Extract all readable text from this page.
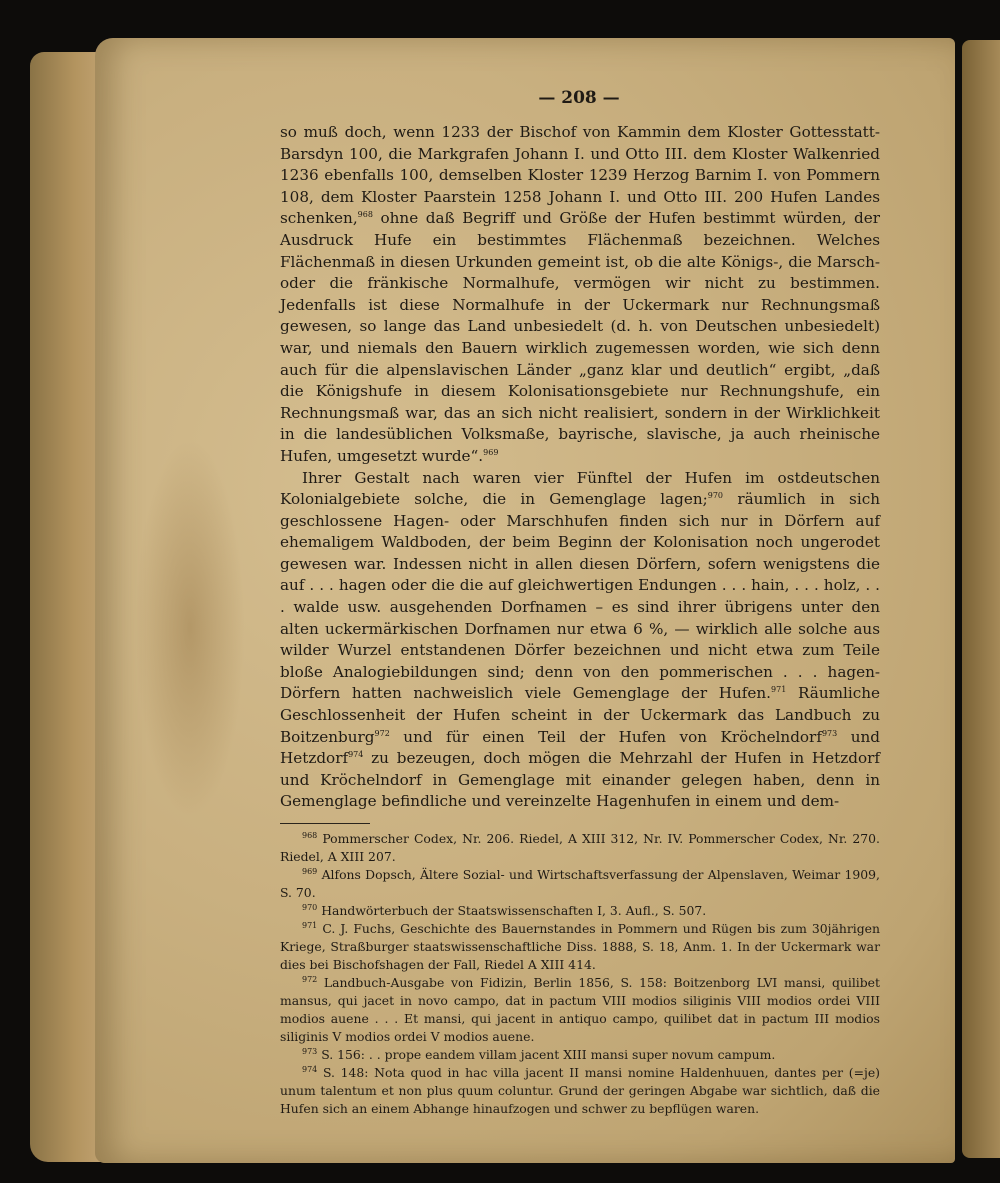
— 208 —

so muß doch, wenn 1233 der Bischof von Kammin dem Kloster Gottesstatt-Barsdyn 100, die Markgrafen Johann I. und Otto III. dem Kloster Walkenried 1236 ebenfalls 100, demselben Kloster 1239 Herzog Barnim I. von Pommern 108, dem Kloster Paarstein 1258 Johann I. und Otto III. 200 Hufen Landes schenken,$^{968}$ ohne daß Begriff und Größe der Hufen bestimmt würden, der Ausdruck Hufe ein bestimmtes Flächenmaß bezeichnen. Welches Flächenmaß in diesen Urkunden gemeint ist, ob die alte Königs-, die Marsch- oder die fränkische Normalhufe, vermögen wir nicht zu bestimmen. Jedenfalls ist diese Normalhufe in der Uckermark nur Rechnungsmaß gewesen, so lange das Land unbesiedelt (d. h. von Deutschen unbesiedelt) war, und niemals den Bauern wirklich zugemessen worden, wie sich denn auch für die alpenslavischen Länder „ganz klar und deutlich“ ergibt, „daß die Königshufe in diesem Kolonisationsgebiete nur Rechnungshufe, ein Rechnungsmaß war, das an sich nicht realisiert, sondern in der Wirklichkeit in die landesüblichen Volksmaße, bayrische, slavische, ja auch rheinische Hufen, umgesetzt wurde“.$^{969}$

Ihrer Gestalt nach waren vier Fünftel der Hufen im ostdeutschen Kolonialgebiete solche, die in Gemenglage lagen;$^{970}$ räumlich in sich geschlossene Hagen- oder Marschhufen finden sich nur in Dörfern auf ehemaligem Waldboden, der beim Beginn der Kolonisation noch ungerodet gewesen war. Indessen nicht in allen diesen Dörfern, sofern wenigstens die auf . . . hagen oder die die auf gleichwertigen Endungen . . . hain, . . . holz, . . . walde usw. ausgehenden Dorfnamen – es sind ihrer übrigens unter den alten uckermärkischen Dorfnamen nur etwa 6 %, — wirklich alle solche aus wilder Wurzel entstandenen Dörfer bezeichnen und nicht etwa zum Teile bloße Analogiebildungen sind; denn von den pommerischen . . . hagen-Dörfern hatten nachweislich viele Gemenglage der Hufen.$^{971}$ Räumliche Geschlossenheit der Hufen scheint in der Uckermark das Landbuch zu Boitzenburg$^{972}$ und für einen Teil der Hufen von Kröchelndorf$^{973}$ und Hetzdorf$^{974}$ zu bezeugen, doch mögen die Mehrzahl der Hufen in Hetzdorf und Kröchelndorf in Gemenglage mit einander gelegen haben, denn in Gemenglage befindliche und vereinzelte Hagenhufen in einem und dem-

$^{968}$ Pommerscher Codex, Nr. 206. Riedel, A XIII 312, Nr. IV. Pommerscher Codex, Nr. 270. Riedel, A XIII 207.

$^{969}$ Alfons Dopsch, Ältere Sozial- und Wirtschaftsverfassung der Alpenslaven, Weimar 1909, S. 70.

$^{970}$ Handwörterbuch der Staatswissenschaften I, 3. Aufl., S. 507.

$^{971}$ C. J. Fuchs, Geschichte des Bauernstandes in Pommern und Rügen bis zum 30jährigen Kriege, Straßburger staatswissenschaftliche Diss. 1888, S. 18, Anm. 1. In der Uckermark war dies bei Bischofshagen der Fall, Riedel A XIII 414.

$^{972}$ Landbuch-Ausgabe von Fidizin, Berlin 1856, S. 158: Boitzenborg LVI mansi, quilibet mansus, qui jacet in novo campo, dat in pactum VIII modios siliginis VIII modios ordei VIII modios auene . . . Et mansi, qui jacent in antiquo campo, quilibet dat in pactum III modios siliginis V modios ordei V modios auene.

$^{973}$ S. 156: . . prope eandem villam jacent XIII mansi super novum campum.

$^{974}$ S. 148: Nota quod in hac villa jacent II mansi nomine Haldenhuuen, dantes per (=je) unum talentum et non plus quum coluntur. Grund der geringen Abgabe war sichtlich, daß die Hufen sich an einem Abhange hinaufzogen und schwer zu bepflügen waren.
